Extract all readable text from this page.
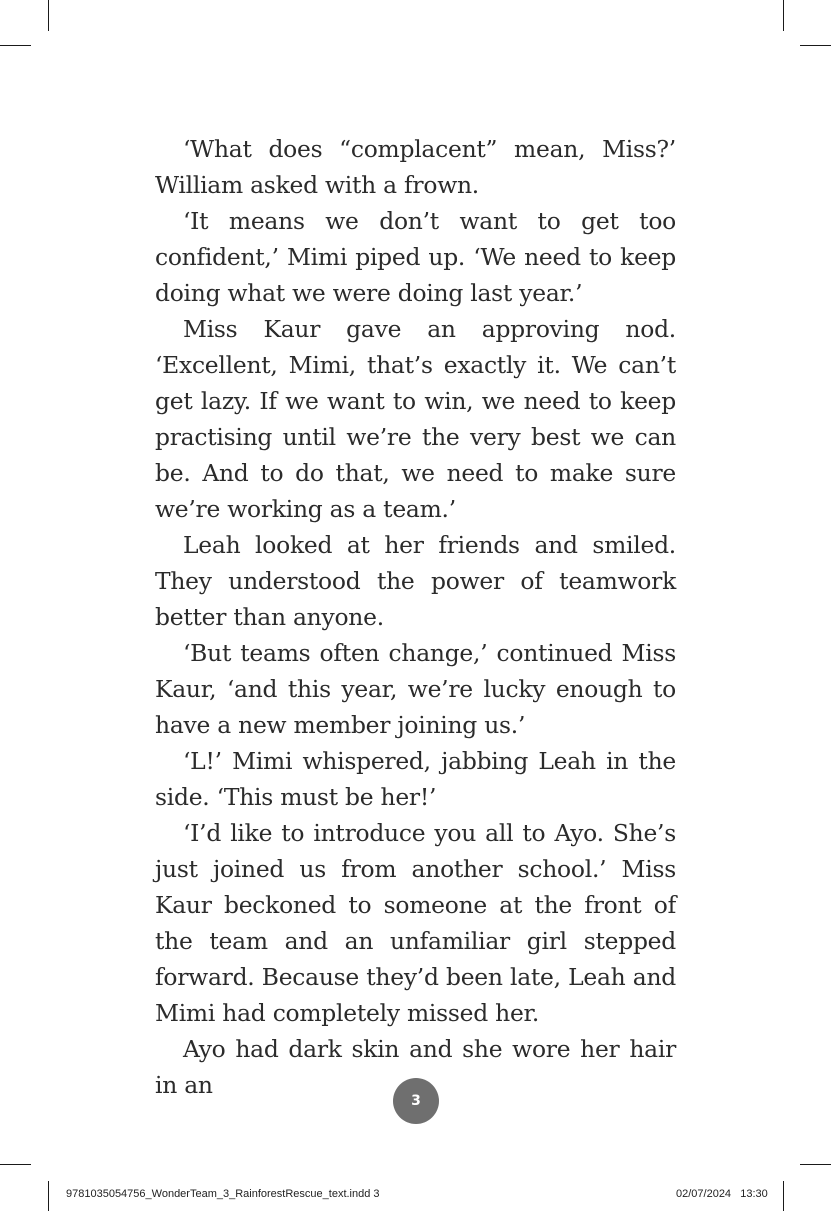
‘What does “complacent” mean, Miss?’ William asked with a frown.

‘It means we don’t want to get too confident,’ Mimi piped up. ‘We need to keep doing what we were doing last year.’

Miss Kaur gave an approving nod. ‘Excellent, Mimi, that’s exactly it. We can’t get lazy. If we want to win, we need to keep practising until we’re the very best we can be. And to do that, we need to make sure we’re working as a team.’

Leah looked at her friends and smiled. They understood the power of teamwork better than anyone.

‘But teams often change,’ continued Miss Kaur, ‘and this year, we’re lucky enough to have a new member joining us.’

‘L!’ Mimi whispered, jabbing Leah in the side. ‘This must be her!’

‘I’d like to introduce you all to Ayo. She’s just joined us from another school.’ Miss Kaur beckoned to someone at the front of the team and an unfamiliar girl stepped forward. Because they’d been late, Leah and Mimi had completely missed her.

Ayo had dark skin and she wore her hair in an

3
9781035054756_WonderTeam_3_RainforestRescue_text.indd 3	02/07/2024 13:30
